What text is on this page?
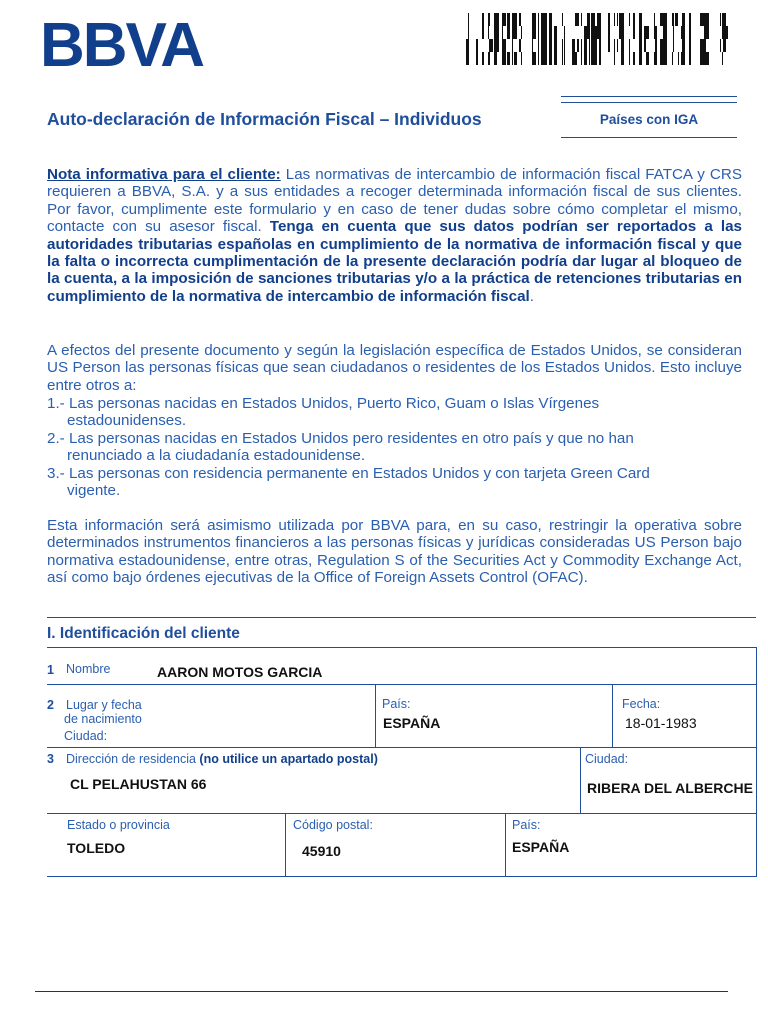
BBVA
Auto-declaración de Información Fiscal – Individuos	Países con IGA
Nota informativa para el cliente: Las normativas de intercambio de información fiscal FATCA y CRS requieren a BBVA, S.A. y a sus entidades a recoger determinada información fiscal de sus clientes. Por favor, cumplimente este formulario y en caso de tener dudas sobre cómo completar el mismo, contacte con su asesor fiscal. Tenga en cuenta que sus datos podrían ser reportados a las autoridades tributarias españolas en cumplimiento de la normativa de información fiscal y que la falta o incorrecta cumplimentación de la presente declaración podría dar lugar al bloqueo de la cuenta, a la imposición de sanciones tributarias y/o a la práctica de retenciones tributarias en cumplimiento de la normativa de intercambio de información fiscal.
A efectos del presente documento y según la legislación específica de Estados Unidos, se consideran US Person las personas físicas que sean ciudadanos o residentes de los Estados Unidos. Esto incluye entre otros a:
1.- Las personas nacidas en Estados Unidos, Puerto Rico, Guam o Islas Vírgenes
estadounidenses.
2.- Las personas nacidas en Estados Unidos pero residentes en otro país y que no han
renunciado a la ciudadanía estadounidense.
3.- Las personas con residencia permanente en Estados Unidos y con tarjeta Green Card
vigente.
Esta información será asimismo utilizada por BBVA para, en su caso, restringir la operativa sobre determinados instrumentos financieros a las personas físicas y jurídicas consideradas US Person bajo normativa estadounidense, entre otras, Regulation S of the Securities Act y Commodity Exchange Act, así como bajo órdenes ejecutivas de la Office of Foreign Assets Control (OFAC).
I. Identificación del cliente
1 Nombre	AARON MOTOS GARCIA
2 Lugar y fecha
de nacimiento
Ciudad:
País:
ESPAÑA
Fecha:
18-01-1983
3 Dirección de residencia (no utilice un apartado postal)
CL PELAHUSTAN 66
Ciudad:
RIBERA DEL ALBERCHE
Estado o provincia
TOLEDO
Código postal:
45910
País:
ESPAÑA
